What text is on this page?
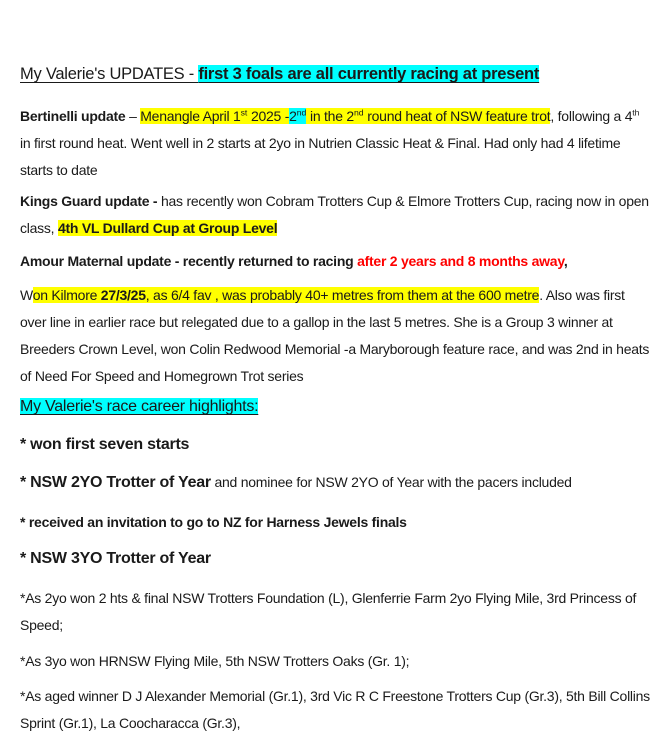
My Valerie's UPDATES - first 3 foals are all currently racing at present

Bertinelli update – Menangle April 1st 2025 -2nd in the 2nd round heat of NSW feature trot, following a 4th in first round heat. Went well in 2 starts at 2yo in Nutrien Classic Heat & Final. Had only had 4 lifetime starts to date

Kings Guard update - has recently won Cobram Trotters Cup & Elmore Trotters Cup, racing now in open class, 4th VL Dullard Cup at Group Level

Amour Maternal update - recently returned to racing after 2 years and 8 months away,

Won Kilmore 27/3/25, as 6/4 fav , was probably 40+ metres from them at the 600 metre. Also was first over line in earlier race but relegated due to a gallop in the last 5 metres. She is a Group 3 winner at Breeders Crown Level, won Colin Redwood Memorial -a Maryborough feature race, and was 2nd in heats of Need For Speed and Homegrown Trot series

My Valerie's race career highlights:

* won first seven starts

* NSW 2YO Trotter of Year and nominee for NSW 2YO of Year with the pacers included

* received an invitation to go to NZ for Harness Jewels finals

* NSW 3YO Trotter of Year

*As 2yo won 2 hts & final NSW Trotters Foundation (L), Glenferrie Farm 2yo Flying Mile, 3rd Princess of Speed;

*As 3yo won HRNSW Flying Mile, 5th NSW Trotters Oaks (Gr. 1);

*As aged winner D J Alexander Memorial (Gr.1), 3rd Vic R C Freestone Trotters Cup (Gr.3), 5th Bill Collins Sprint (Gr.1), La Coocharacca (Gr.3),
